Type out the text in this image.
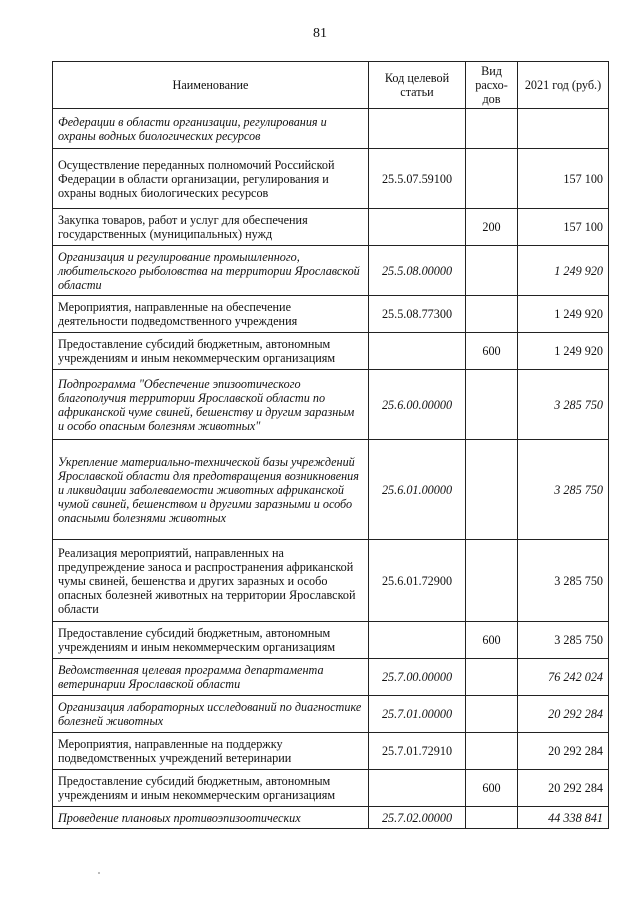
81
Наименование	Код целевой статьи	Вид расхо-дов	2021 год (руб.)
Федерации в области организации, регулирования и охраны водных биологических ресурсов			
Осуществление переданных полномочий Российской Федерации в области организации, регулирования и охраны водных биологических ресурсов	25.5.07.59100		157 100
Закупка товаров, работ и услуг для обеспечения государственных (муниципальных) нужд		200	157 100
Организация и регулирование промышленного, любительского рыболовства на территории Ярославской области	25.5.08.00000		1 249 920
Мероприятия, направленные на обеспечение деятельности подведомственного учреждения	25.5.08.77300		1 249 920
Предоставление субсидий бюджетным, автономным учреждениям и иным некоммерческим организациям		600	1 249 920
Подпрограмма "Обеспечение эпизоотического благополучия территории Ярославской области по африканской чуме свиней, бешенству и другим заразным и особо опасным болезням животных"	25.6.00.00000		3 285 750
Укрепление материально-технической базы учреждений Ярославской области для предотвращения возникновения и ликвидации заболеваемости животных африканской чумой свиней, бешенством и другими заразными и особо опасными болезнями животных	25.6.01.00000		3 285 750
Реализация мероприятий, направленных на предупреждение заноса и распространения африканской чумы свиней, бешенства и других заразных и особо опасных болезней животных на территории Ярославской области	25.6.01.72900		3 285 750
Предоставление субсидий бюджетным, автономным учреждениям и иным некоммерческим организациям		600	3 285 750
Ведомственная целевая программа департамента ветеринарии Ярославской области	25.7.00.00000		76 242 024
Организация лабораторных исследований по диагностике болезней животных	25.7.01.00000		20 292 284
Мероприятия, направленные на поддержку подведомственных учреждений ветеринарии	25.7.01.72910		20 292 284
Предоставление субсидий бюджетным, автономным учреждениям и иным некоммерческим организациям		600	20 292 284
Проведение плановых противоэпизоотических	25.7.02.00000		44 338 841
